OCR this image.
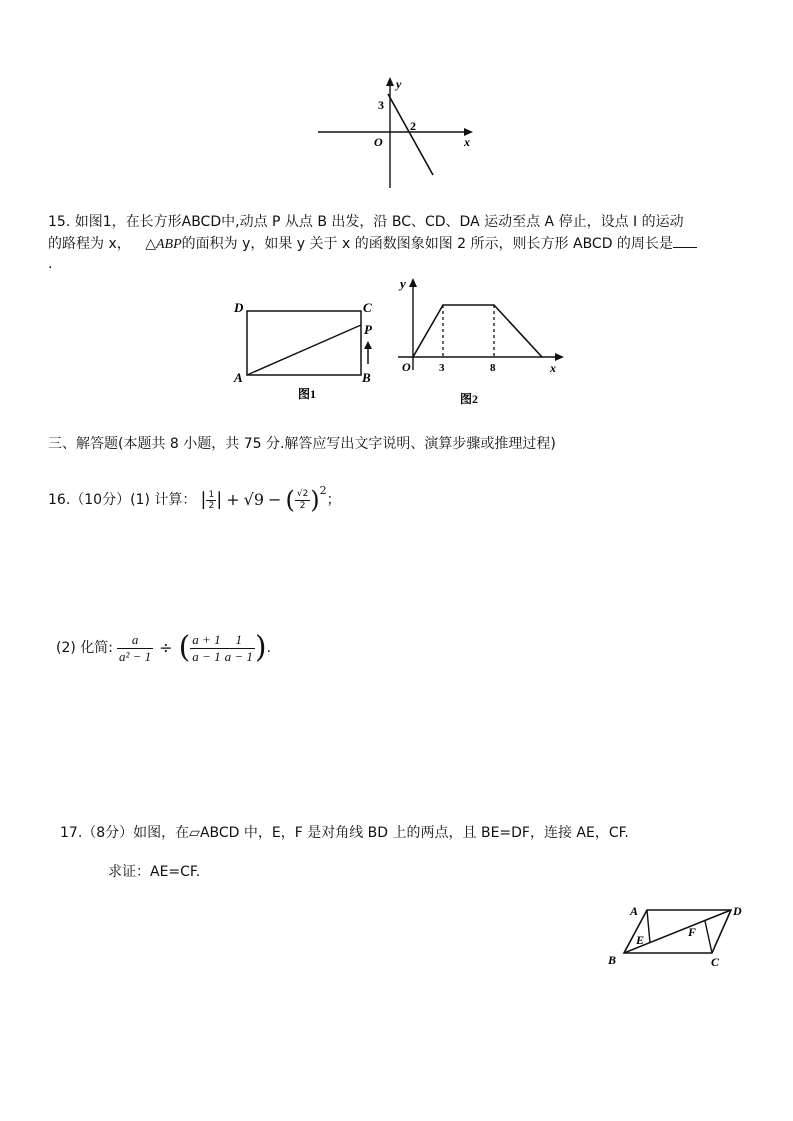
y
x
O
3
2
15. 如图1，在长方形ABCD中,动点 P 从点 B 出发，沿 BC、CD、DA 运动至点 A 停止，设点 I 的运动
的路程为 x， △ABP的面积为 y，如果 y 关于 x 的函数图象如图 2 所示，则长方形 ABCD 的周长是
.
D	C
P
A	B
图1
y
O	3	8	x
图2
三、解答题(本题共 8 小题，共 75 分.解答应写出文字说明、演算步骤或推理过程)
16.（10分）(1) 计算： | $\frac{1}{2}$ | + √9 − ( $\frac{√2}{2}$ ) 2
；
(2) 化简: $\frac{a}{\text{a² − 1}}$ ÷ ( $\frac{a + 1}{a - 1} \frac{1}{a - 1}$ ) .
17.（8分）如图，在▱ABCD 中，E，F 是对角线 BD 上的两点，且 BE=DF，连接 AE，CF.
求证：AE=CF.
A	D
E
F
B	C
